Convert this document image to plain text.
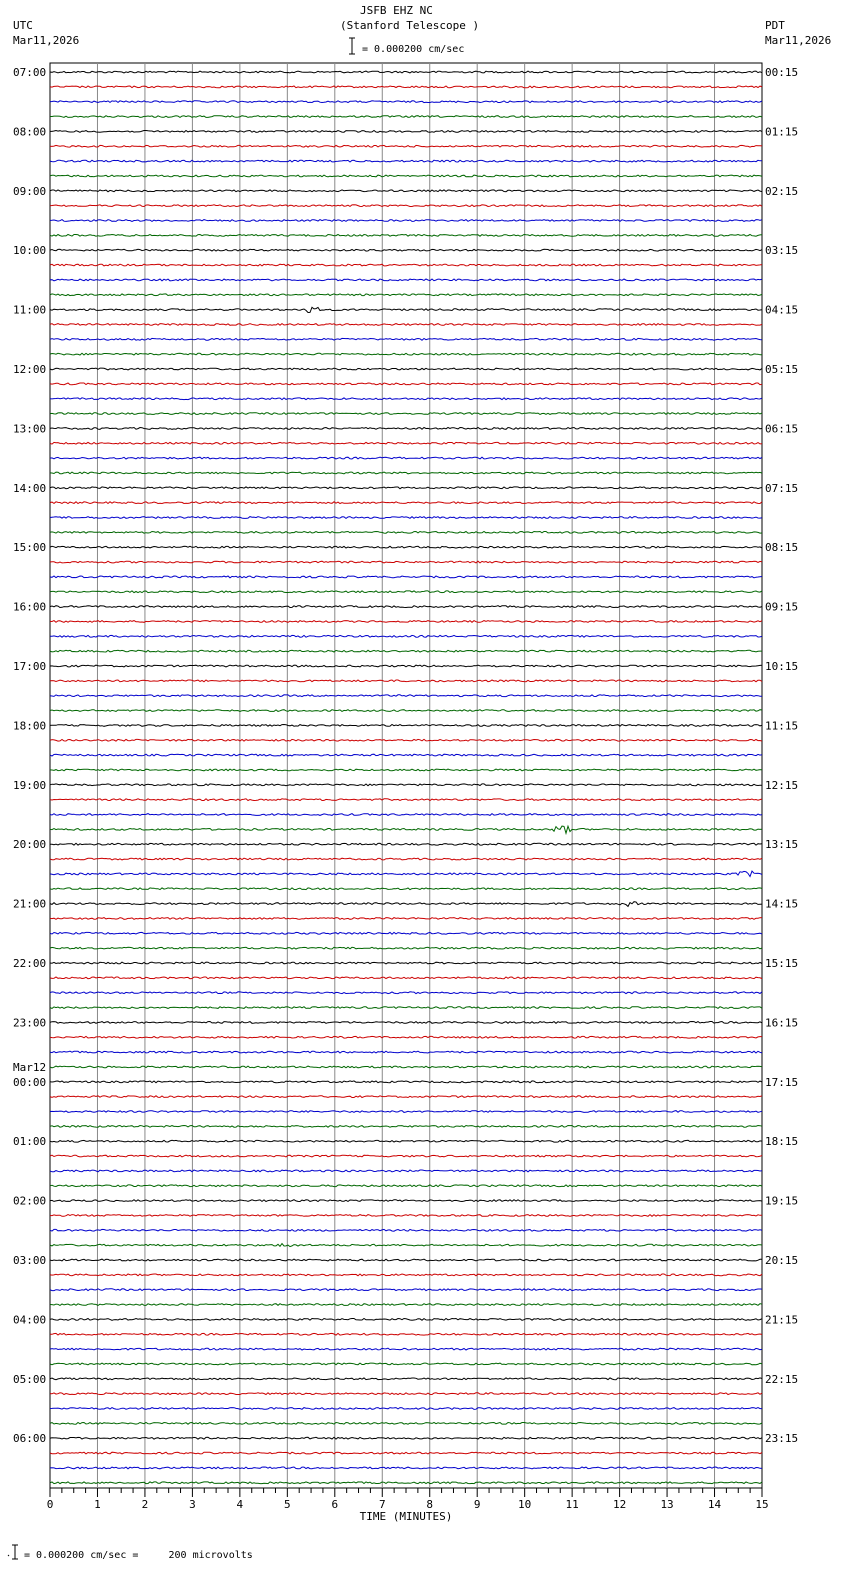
JSFB EHZ NC
(Stanford Telescope )
= 0.000200 cm/sec
UTC
Mar11,2026
PDT
Mar11,2026
07:00	00:15
08:00	01:15
09:00	02:15
10:00	03:15
11:00	04:15
12:00	05:15
13:00	06:15
14:00	07:15
15:00	08:15
16:00	09:15
17:00	10:15
18:00	11:15
19:00	12:15
20:00	13:15
21:00	14:15
22:00	15:15
23:00	16:15
00:00	17:15
Mar12
01:00	18:15
02:00	19:15
03:00	20:15
04:00	21:15
05:00	22:15
06:00	23:15
0	1	2	3	4	5	6	7	8	9	10	11	12	13	14	15
TIME (MINUTES)
= 0.000200 cm/sec =     200 microvolts
